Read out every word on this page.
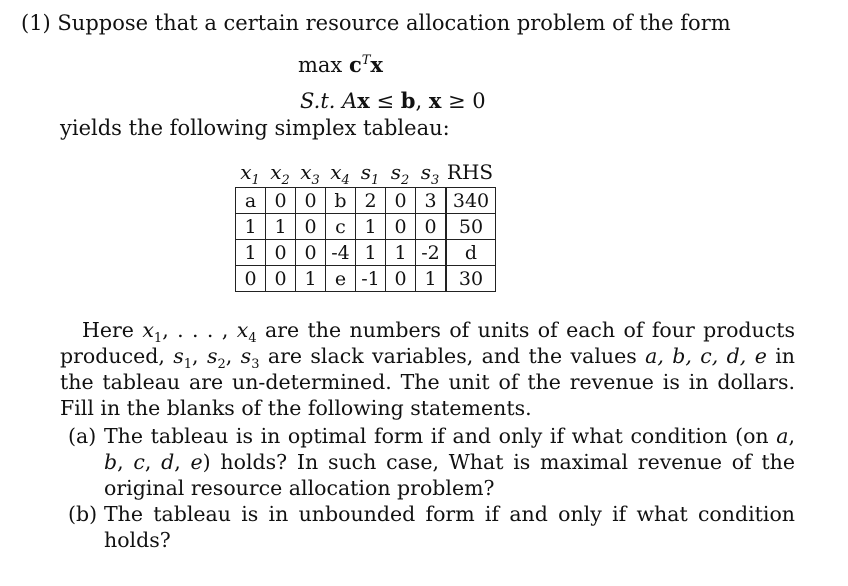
(1) Suppose that a certain resource allocation problem of the form
$\max c^Tx$
S.t. Ax ≤ b, x ≥ 0
yields the following simplex tableau:
$x_1$ $x_2$ $x_3$ $x_4$ $s_1$ $s_2$ $s_3$ RHS
a	0	0	b	2	0	3	340
1	1	0	c	1	0	0	50
1	0	0	-4	1	1	-2	d
0	0	1	e	-1	0	1	30
Here $x_1$, . . . , $x_4$ are the numbers of units of each of four products produced, $s_1$, $s_2$, $s_3$ are slack variables, and the values a, b, c, d, e in the tableau are un-determined. The unit of the revenue is in dollars. Fill in the blanks of the following statements.
(a) The tableau is in optimal form if and only if what condition (on a, b, c, d, e) holds? In such case, What is maximal revenue of the original resource allocation problem?
(b) The tableau is in unbounded form if and only if what condition holds?
